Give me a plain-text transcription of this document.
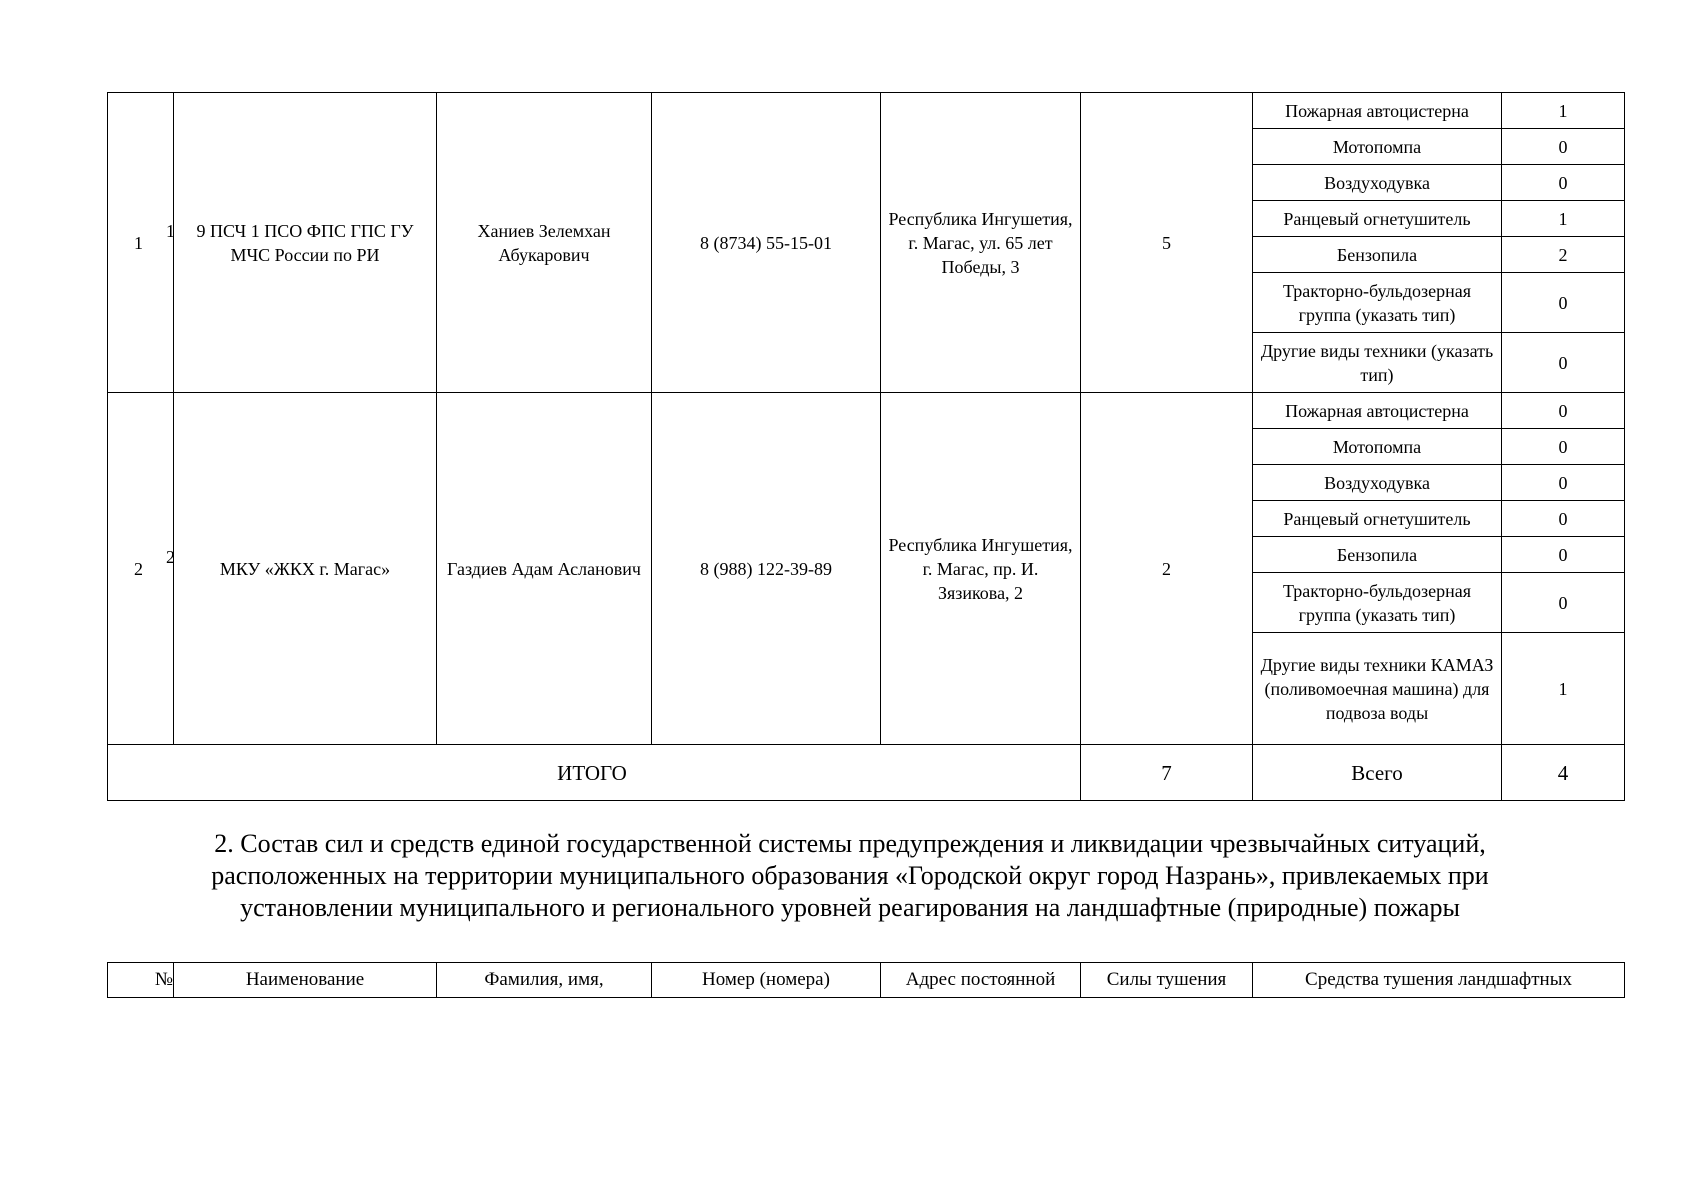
1
1	9 ПСЧ 1 ПСО ФПС ГПС ГУ МЧС России по РИ	Ханиев Зелемхан Абукарович	8 (8734) 55-15-01	Республика Ингушетия, г. Магас, ул. 65 лет Победы, 3	5	Пожарная автоцистерна	1
						Мотопомпа	0
						Воздуходувка	0
						Ранцевый огнетушитель	1
						Бензопила	2
						Тракторно-бульдозерная группа (указать тип)	0
						Другие виды техники (указать тип)	0

2
2	МКУ «ЖКХ г. Магас»	Газдиев Адам Асланович	8 (988) 122-39-89	Республика Ингушетия, г. Магас, пр. И. Зязикова, 2	2	Пожарная автоцистерна	0
						Мотопомпа	0
						Воздуходувка	0
						Ранцевый огнетушитель	0
						Бензопила	0
						Тракторно-бульдозерная группа (указать тип)	0
						Другие виды техники КАМАЗ (поливомоечная машина) для подвоза воды	1
ИТОГО					7	Всего	4
2. Состав сил и средств единой государственной системы предупреждения и ликвидации чрезвычайных ситуаций,
расположенных на территории муниципального образования «Городской округ город Назрань», привлекаемых при
установлении муниципального и регионального уровней реагирования на ландшафтные (природные) пожары
№	Наименование	Фамилия, имя,	Номер (номера)	Адрес постоянной	Силы тушения	Средства тушения ландшафтных
